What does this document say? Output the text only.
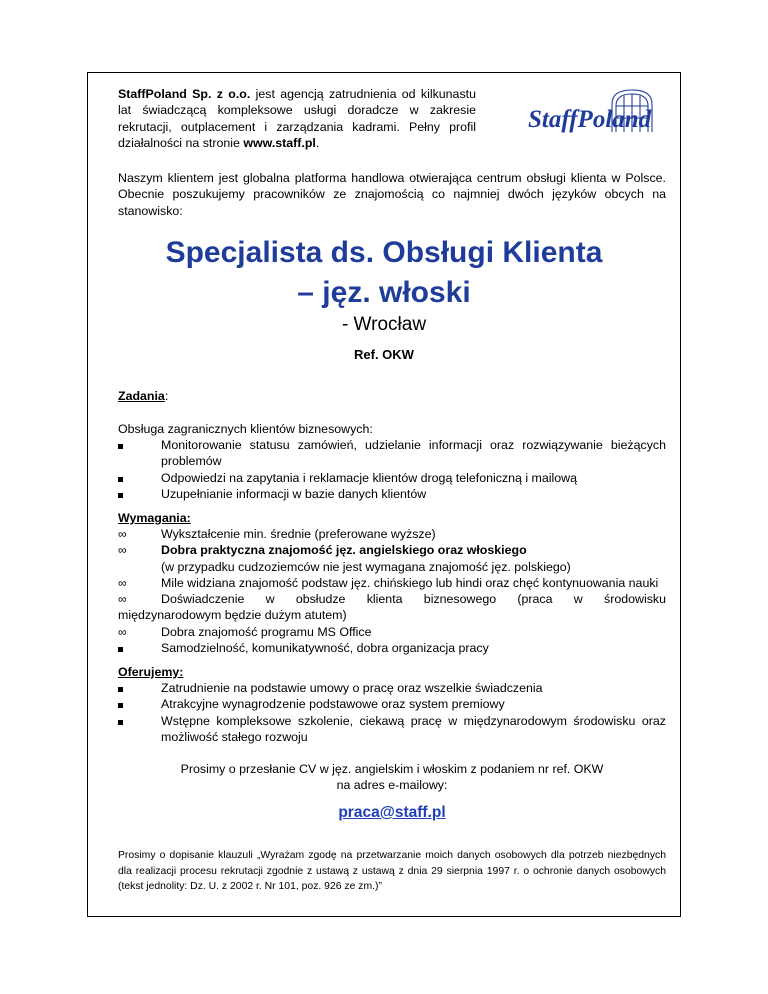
StaffPoland Sp. z o.o. jest agencją zatrudnienia od kilkunastu lat świadczącą kompleksowe usługi doradcze w zakresie rekrutacji, outplacement i zarządzania kadrami. Pełny profil działalności na stronie www.staff.pl.
StaffPoland
Naszym klientem jest globalna platforma handlowa otwierająca centrum obsługi klienta w Polsce. Obecnie poszukujemy pracowników ze znajomością co najmniej dwóch języków obcych na stanowisko:
Specjalista ds. Obsługi Klienta
– jęz. włoski
- Wrocław
Ref. OKW
Zadania:
Obsługa zagranicznych klientów biznesowych:
Monitorowanie statusu zamówień, udzielanie informacji oraz rozwiązywanie bieżących problemów
Odpowiedzi na zapytania i reklamacje klientów drogą telefoniczną i mailową
Uzupełnianie informacji w bazie danych klientów
Wymagania:
∞	Wykształcenie min. średnie (preferowane wyższe)
∞	Dobra praktyczna znajomość jęz. angielskiego oraz włoskiego
(w przypadku cudzoziemców nie jest wymagana znajomość jęz. polskiego)
∞	Mile widziana znajomość podstaw jęz. chińskiego lub hindi oraz chęć kontynuowania nauki
∞	Doświadczenie w obsłudze klienta biznesowego (praca w środowisku
międzynarodowym będzie dużym atutem)
∞	Dobra znajomość programu MS Office
Samodzielność, komunikatywność, dobra organizacja pracy
Oferujemy:
Zatrudnienie na podstawie umowy o pracę oraz wszelkie świadczenia
Atrakcyjne wynagrodzenie podstawowe oraz system premiowy
Wstępne kompleksowe szkolenie, ciekawą pracę w międzynarodowym środowisku oraz możliwość stałego rozwoju
Prosimy o przesłanie CV w jęz. angielskim i włoskim z podaniem nr ref. OKW
na adres e-mailowy:
praca@staff.pl
Prosimy o dopisanie klauzuli „Wyrażam zgodę na przetwarzanie moich danych osobowych dla potrzeb niezbędnych dla realizacji procesu rekrutacji zgodnie z ustawą z ustawą z dnia 29 sierpnia 1997 r. o ochronie danych osobowych (tekst jednolity: Dz. U. z 2002 r. Nr 101, poz. 926 ze zm.)”
